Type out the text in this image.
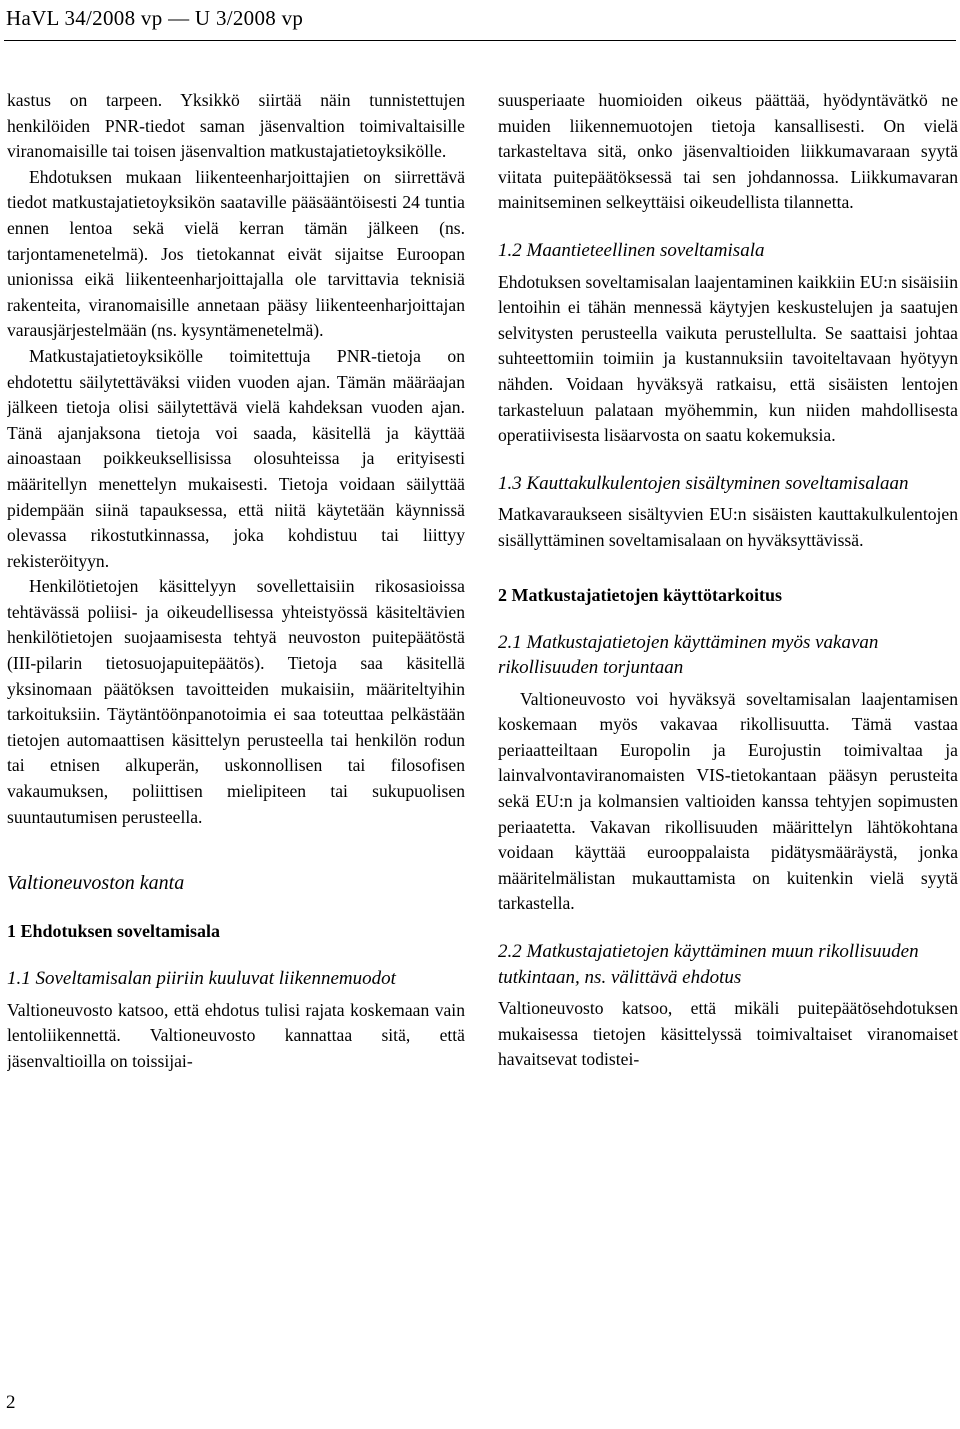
HaVL 34/2008 vp — U 3/2008 vp

kastus on tarpeen. Yksikkö siirtää näin tunnistettujen henkilöiden PNR-tiedot saman jäsenvaltion toimivaltaisille viranomaisille tai toisen jäsenvaltion matkustajatietoyksikölle.

Ehdotuksen mukaan liikenteenharjoittajien on siirrettävä tiedot matkustajatietoyksikön saataville pääsääntöisesti 24 tuntia ennen lentoa sekä vielä kerran tämän jälkeen (ns. tarjontamenetelmä). Jos tietokannat eivät sijaitse Euroopan unionissa eikä liikenteenharjoittajalla ole tarvittavia teknisiä rakenteita, viranomaisille annetaan pääsy liikenteenharjoittajan varausjärjestelmään (ns. kysyntämenetelmä).

Matkustajatietoyksikölle toimitettuja PNR-tietoja on ehdotettu säilytettäväksi viiden vuoden ajan. Tämän määräajan jälkeen tietoja olisi säilytettävä vielä kahdeksan vuoden ajan. Tänä ajanjaksona tietoja voi saada, käsitellä ja käyttää ainoastaan poikkeuksellisissa olosuhteissa ja erityisesti määritellyn menettelyn mukaisesti. Tietoja voidaan säilyttää pidempään siinä tapauksessa, että niitä käytetään käynnissä olevassa rikostutkinnassa, joka kohdistuu tai liittyy rekisteröityyn.

Henkilötietojen käsittelyyn sovellettaisiin rikosasioissa tehtävässä poliisi- ja oikeudellisessa yhteistyössä käsiteltävien henkilötietojen suojaamisesta tehtyä neuvoston puitepäätöstä (III-pilarin tietosuojapuitepäätös). Tietoja saa käsitellä yksinomaan päätöksen tavoitteiden mukaisiin, määriteltyihin tarkoituksiin. Täytäntöönpanotoimia ei saa toteuttaa pelkästään tietojen automaattisen käsittelyn perusteella tai henkilön rodun tai etnisen alkuperän, uskonnollisen tai filosofisen vakaumuksen, poliittisen mielipiteen tai sukupuolisen suuntautumisen perusteella.

Valtioneuvoston kanta
1 Ehdotuksen soveltamisala
1.1 Soveltamisalan piiriin kuuluvat liikennemuodot

Valtioneuvosto katsoo, että ehdotus tulisi rajata koskemaan vain lentoliikennettä. Valtioneuvosto kannattaa sitä, että jäsenvaltioilla on toissijai-

suusperiaate huomioiden oikeus päättää, hyödyntävätkö ne muiden liikennemuotojen tietoja kansallisesti. On vielä tarkasteltava sitä, onko jäsenvaltioiden liikkumavaraan syytä viitata puitepäätöksessä tai sen johdannossa. Liikkumavaran mainitseminen selkeyttäisi oikeudellista tilannetta.

1.2 Maantieteellinen soveltamisala

Ehdotuksen soveltamisalan laajentaminen kaikkiin EU:n sisäisiin lentoihin ei tähän mennessä käytyjen keskustelujen ja saatujen selvitysten perusteella vaikuta perustellulta. Se saattaisi johtaa suhteettomiin toimiin ja kustannuksiin tavoiteltavaan hyötyyn nähden. Voidaan hyväksyä ratkaisu, että sisäisten lentojen tarkasteluun palataan myöhemmin, kun niiden mahdollisesta operatiivisesta lisäarvosta on saatu kokemuksia.

1.3 Kauttakulkulentojen sisältyminen soveltamisalaan

Matkavaraukseen sisältyvien EU:n sisäisten kauttakulkulentojen sisällyttäminen soveltamisalaan on hyväksyttävissä.

2 Matkustajatietojen käyttötarkoitus
2.1 Matkustajatietojen käyttäminen myös vakavan rikollisuuden torjuntaan

Valtioneuvosto voi hyväksyä soveltamisalan laajentamisen koskemaan myös vakavaa rikollisuutta. Tämä vastaa periaatteiltaan Europolin ja Eurojustin toimivaltaa ja lainvalvontaviranomaisten VIS-tietokantaan pääsyn perusteita sekä EU:n ja kolmansien valtioiden kanssa tehtyjen sopimusten periaatetta. Vakavan rikollisuuden määrittelyn lähtökohtana voidaan käyttää eurooppalaista pidätysmääräystä, jonka määritelmälistan mukauttamista on kuitenkin vielä syytä tarkastella.

2.2 Matkustajatietojen käyttäminen muun rikollisuuden tutkintaan, ns. välittävä ehdotus

Valtioneuvosto katsoo, että mikäli puitepäätösehdotuksen mukaisessa tietojen käsittelyssä toimivaltaiset viranomaiset havaitsevat todistei-

2
